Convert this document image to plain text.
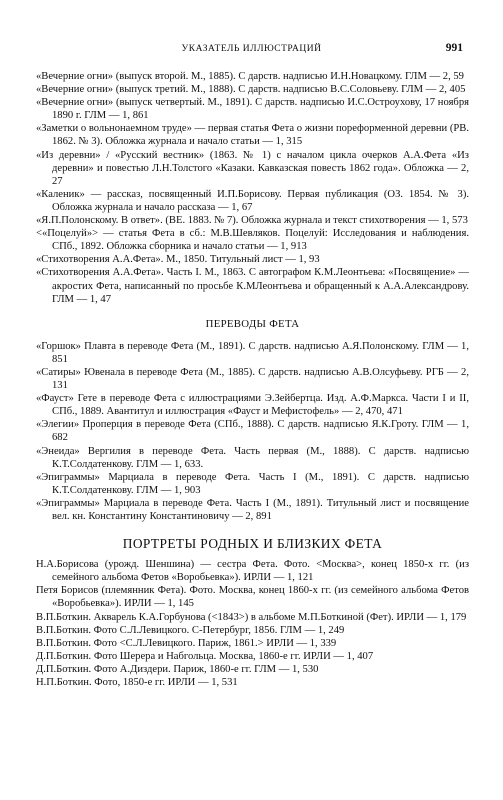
УКАЗАТЕЛЬ ИЛЛЮСТРАЦИЙ	991

«Вечерние огни» (выпуск второй. М., 1885). С дарств. надписью И.Н.Новацкому. ГЛМ — 2, 59

«Вечерние огни» (выпуск третий. М., 1888). С дарств. надписью В.С.Соловьеву. ГЛМ — 2, 405

«Вечерние огни» (выпуск четвертый. М., 1891). С дарств. надписью И.С.Остроухову, 17 ноября 1890 г. ГЛМ — 1, 861

«Заметки о вольнонаемном труде» — первая статья Фета о жизни пореформенной деревни (РВ. 1862. № 3). Обложка журнала и начало статьи — 1, 315

«Из деревни» / «Русский вестник» (1863. № 1) с началом цикла очерков А.А.Фета «Из деревни» и повестью Л.Н.Толстого «Казаки. Кавказская повесть 1862 года». Обложка — 2, 27

«Каленик» — рассказ, посвященный И.П.Борисову. Первая публикация (ОЗ. 1854. № 3). Обложка журнала и начало рассказа — 1, 67

«Я.П.Полонскому. В ответ». (ВЕ. 1883. № 7). Обложка журнала и текст стихотворения — 1, 573

<«Поцелуй»> — статья Фета в сб.: М.В.Шевляков. Поцелуй: Исследования и наблюдения. СПб., 1892. Обложка сборника и начало статьи — 1, 913

«Стихотворения А.А.Фета». М., 1850. Титульный лист — 1, 93

«Стихотворения А.А.Фета». Часть I. М., 1863. С автографом К.М.Леонтьева: «Посвящение» — акростих Фета, написанный по просьбе К.МЛеонтьева и обращенный к А.А.Александрову. ГЛМ — 1, 47

ПЕРЕВОДЫ ФЕТА

«Горшок» Плавта в переводе Фета (М., 1891). С дарств. надписью А.Я.Полонскому. ГЛМ — 1, 851

«Сатиры» Ювенала в переводе Фета (М., 1885). С дарств. надписью А.В.Олсуфьеву. РГБ — 2, 131

«Фауст» Гете в переводе Фета с иллюстрациями Э.Зейбертца. Изд. А.Ф.Маркса. Части I и II, СПб., 1889. Авантитул и иллюстрация «Фауст и Мефистофель» — 2, 470, 471

«Элегии» Проперция в переводе Фета (СПб., 1888). С дарств. надписью Я.К.Гроту. ГЛМ — 1, 682

«Энеида» Вергилия в переводе Фета. Часть первая (М., 1888). С дарств. надписью К.Т.Солдатенкову. ГЛМ — 1, 633.

«Эпиграммы» Марциала в переводе Фета. Часть I (М., 1891). С дарств. надписью К.Т.Солдатенкову. ГЛМ — 1, 903

«Эпиграммы» Марциала в переводе Фета. Часть I (М., 1891). Титульный лист и посвящение вел. кн. Константину Константиновичу — 2, 891

ПОРТРЕТЫ РОДНЫХ И БЛИЗКИХ ФЕТА

Н.А.Борисова (урожд. Шеншина) — сестра Фета. Фото. <Москва>, конец 1850-х гг. (из семейного альбома Фетов «Воробьевка»). ИРЛИ — 1, 121

Петя Борисов (племянник Фета). Фото. Москва, конец 1860-х гг. (из семейного альбома Фетов «Воробьевка»). ИРЛИ — 1, 145

В.П.Боткин. Акварель К.А.Горбунова (<1843>) в альбоме М.П.Боткиной (Фет). ИРЛИ — 1, 179

В.П.Боткин. Фото С.Л.Левицкого. С-Петербург, 1856. ГЛМ — 1, 249

В.П.Боткин. Фото <С.Л.Левицкого. Париж, 1861.> ИРЛИ — 1, 339

Д.П.Боткин. Фото Шерера и Набгольца. Москва, 1860-е гг. ИРЛИ — 1, 407

Д.П.Боткин. Фото А.Диздери. Париж, 1860-е гг. ГЛМ — 1, 530

Н.П.Боткин. Фото, 1850-е гг. ИРЛИ — 1, 531
